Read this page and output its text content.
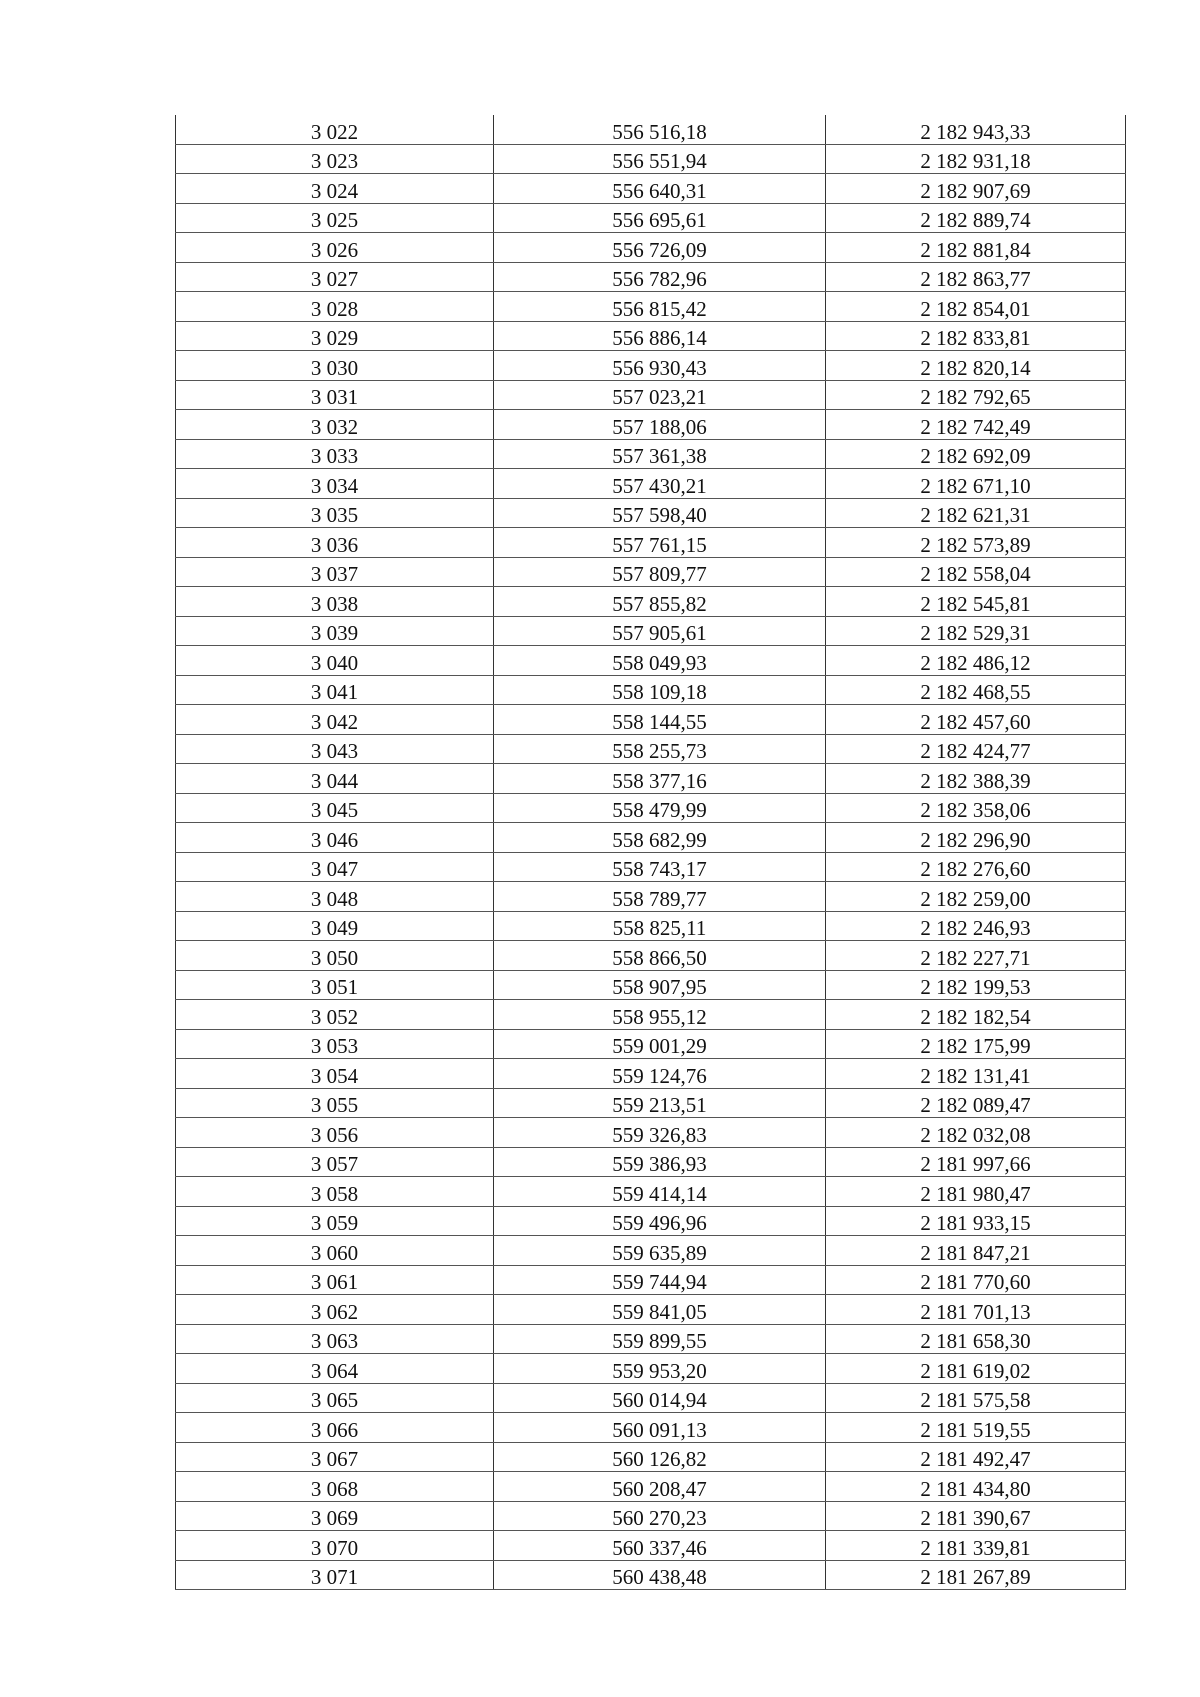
3 022	556 516,18	2 182 943,33
3 023	556 551,94	2 182 931,18
3 024	556 640,31	2 182 907,69
3 025	556 695,61	2 182 889,74
3 026	556 726,09	2 182 881,84
3 027	556 782,96	2 182 863,77
3 028	556 815,42	2 182 854,01
3 029	556 886,14	2 182 833,81
3 030	556 930,43	2 182 820,14
3 031	557 023,21	2 182 792,65
3 032	557 188,06	2 182 742,49
3 033	557 361,38	2 182 692,09
3 034	557 430,21	2 182 671,10
3 035	557 598,40	2 182 621,31
3 036	557 761,15	2 182 573,89
3 037	557 809,77	2 182 558,04
3 038	557 855,82	2 182 545,81
3 039	557 905,61	2 182 529,31
3 040	558 049,93	2 182 486,12
3 041	558 109,18	2 182 468,55
3 042	558 144,55	2 182 457,60
3 043	558 255,73	2 182 424,77
3 044	558 377,16	2 182 388,39
3 045	558 479,99	2 182 358,06
3 046	558 682,99	2 182 296,90
3 047	558 743,17	2 182 276,60
3 048	558 789,77	2 182 259,00
3 049	558 825,11	2 182 246,93
3 050	558 866,50	2 182 227,71
3 051	558 907,95	2 182 199,53
3 052	558 955,12	2 182 182,54
3 053	559 001,29	2 182 175,99
3 054	559 124,76	2 182 131,41
3 055	559 213,51	2 182 089,47
3 056	559 326,83	2 182 032,08
3 057	559 386,93	2 181 997,66
3 058	559 414,14	2 181 980,47
3 059	559 496,96	2 181 933,15
3 060	559 635,89	2 181 847,21
3 061	559 744,94	2 181 770,60
3 062	559 841,05	2 181 701,13
3 063	559 899,55	2 181 658,30
3 064	559 953,20	2 181 619,02
3 065	560 014,94	2 181 575,58
3 066	560 091,13	2 181 519,55
3 067	560 126,82	2 181 492,47
3 068	560 208,47	2 181 434,80
3 069	560 270,23	2 181 390,67
3 070	560 337,46	2 181 339,81
3 071	560 438,48	2 181 267,89
